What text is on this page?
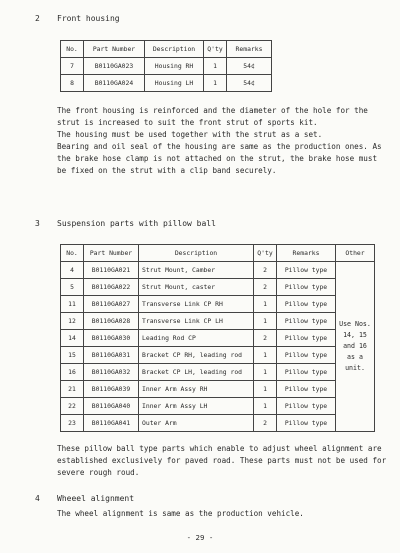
2 Front housing
No.	Part Number	Description	Q'ty	Remarks
7	B0110GA023	Housing RH	1	54¢
8	B0110GA024	Housing LH	1	54¢

The front housing is reinforced and the diameter of the hole for the strut is increased to suit the front strut of sports kit.

The housing must be used together with the strut as a set.

Bearing and oil seal of the housing are same as the production ones. As the brake hose clamp is not attached on the strut, the brake hose must be fixed on the strut with a clip band securely.

3 Suspension parts with pillow ball
No.	Part Number	Description	Q'ty	Remarks	Other
4	B0110GA021	Strut Mount, Camber	2	Pillow type	Use Nos. 14, 15 and 16 as a unit.
5	B0110GA022	Strut Mount, caster	2	Pillow type	
11	B0110GA027	Transverse Link CP RH	1	Pillow type	
12	B0110GA028	Transverse Link CP LH	1	Pillow type	
14	B0110GA030	Leading Rod CP	2	Pillow type	
15	B0110GA031	Bracket CP RH, leading rod	1	Pillow type	
16	B0110GA032	Bracket CP LH, leading rod	1	Pillow type	
21	B0110GA039	Inner Arm Assy RH	1	Pillow type	
22	B0110GA040	Inner Arm Assy LH	1	Pillow type	
23	B0110GA041	Outer Arm	2	Pillow type	

These pillow ball type parts which enable to adjust wheel alignment are established exclusively for paved road. These parts must not be used for severe rough roud.

4 Wheeel alignment

The wheel alignment is same as the production vehicle.

- 29 -
